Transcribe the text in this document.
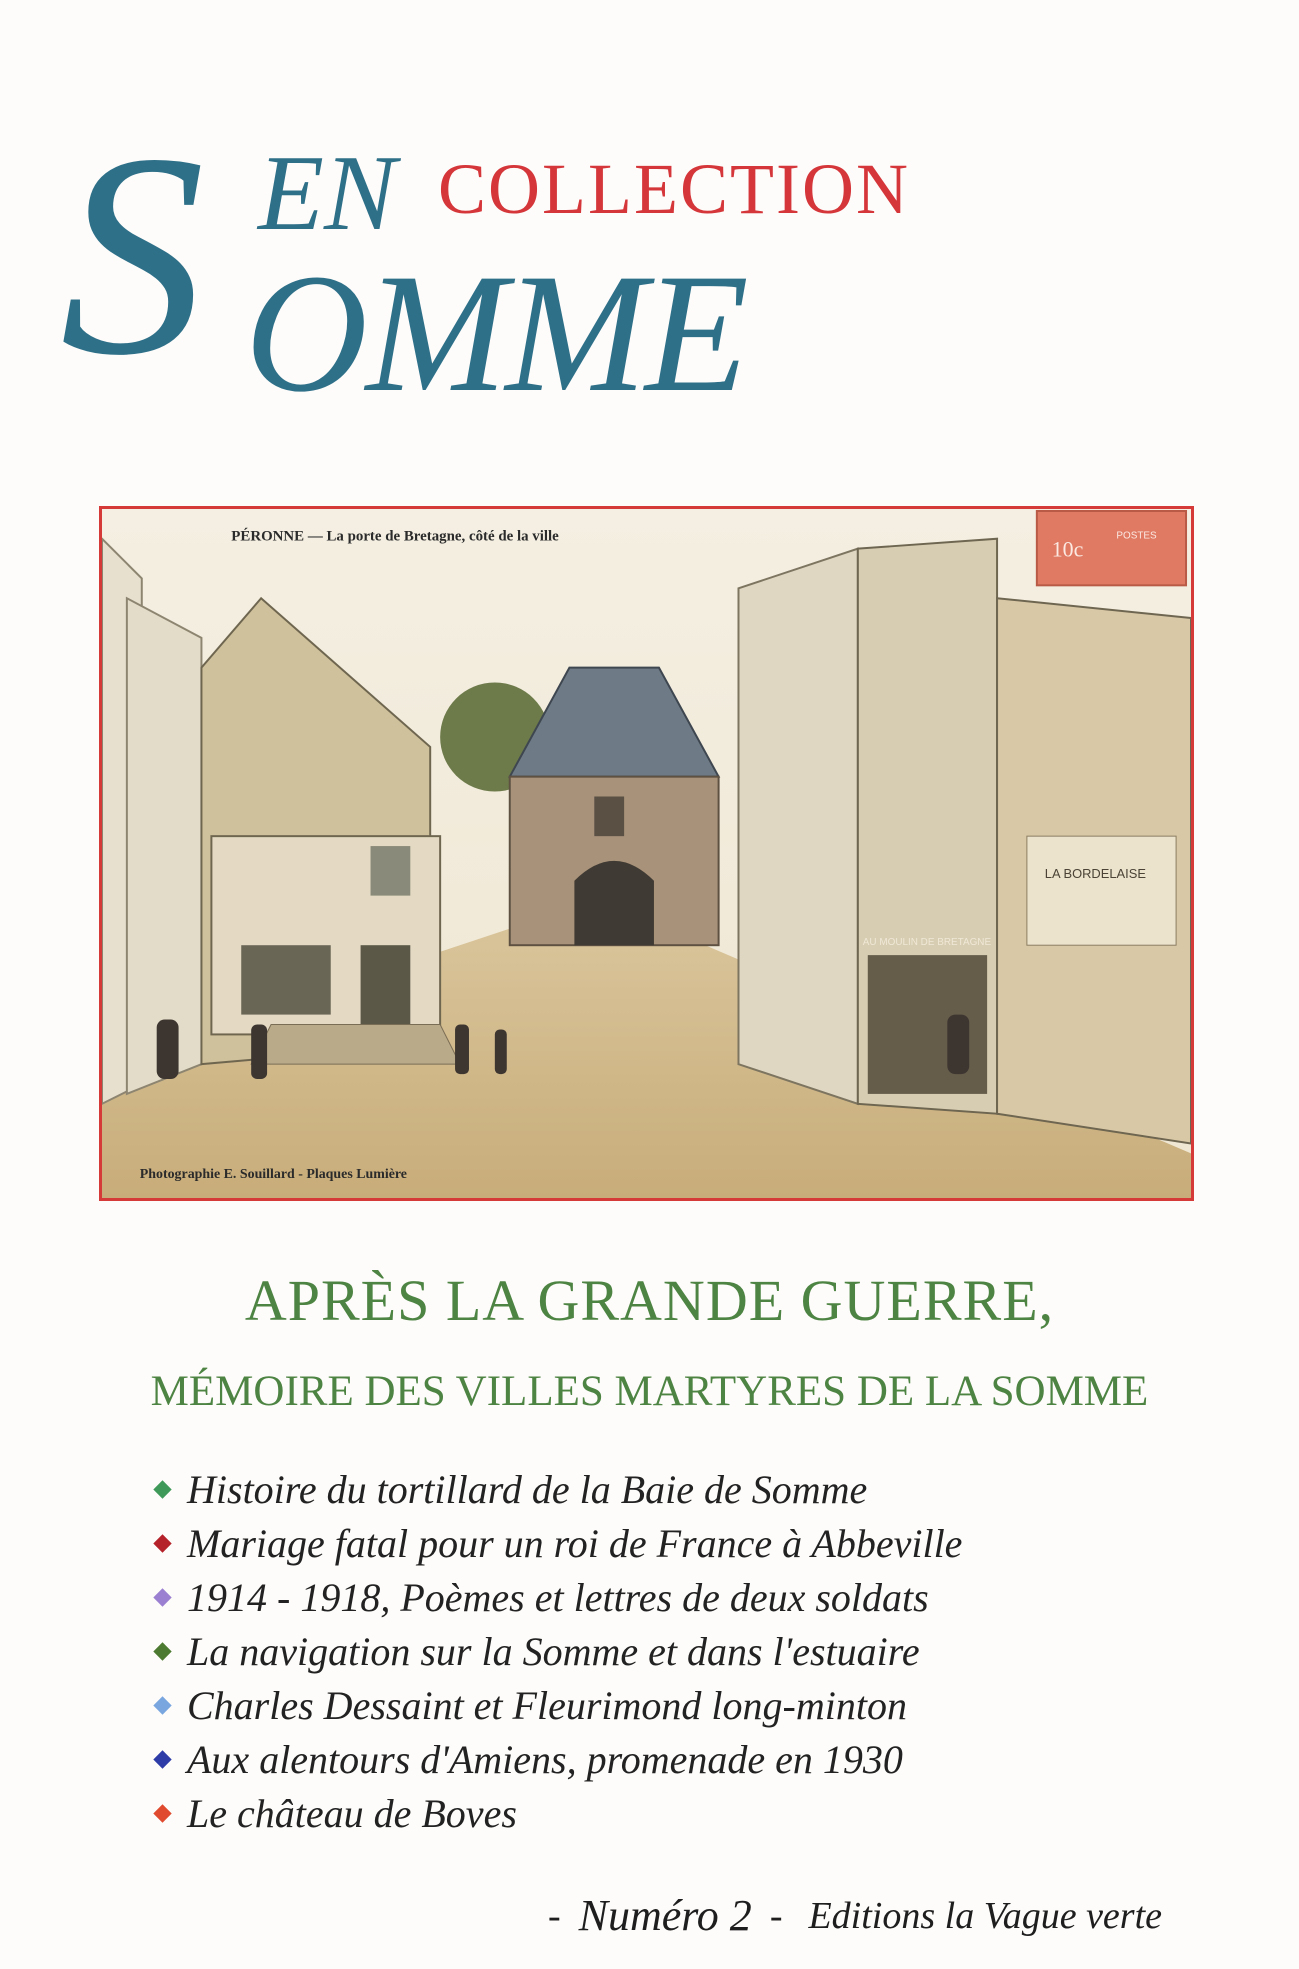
S EN COLLECTION
OMME
PÉRONNE — La porte de Bretagne, côté de la ville
Photographie E. Souillard - Plaques Lumière
10c
POSTES
LA BORDELAISE
AU MOULIN DE BRETAGNE
APRÈS LA GRANDE GUERRE,
MÉMOIRE DES VILLES MARTYRES DE LA SOMME
Histoire du tortillard de la Baie de Somme
Mariage fatal pour un roi de France à Abbeville
1914 - 1918, Poèmes et lettres de deux soldats
La navigation sur la Somme et dans l'estuaire
Charles Dessaint et Fleurimond long-minton
Aux alentours d'Amiens, promenade en 1930
Le château de Boves
- Numéro 2 - Editions la Vague verte
